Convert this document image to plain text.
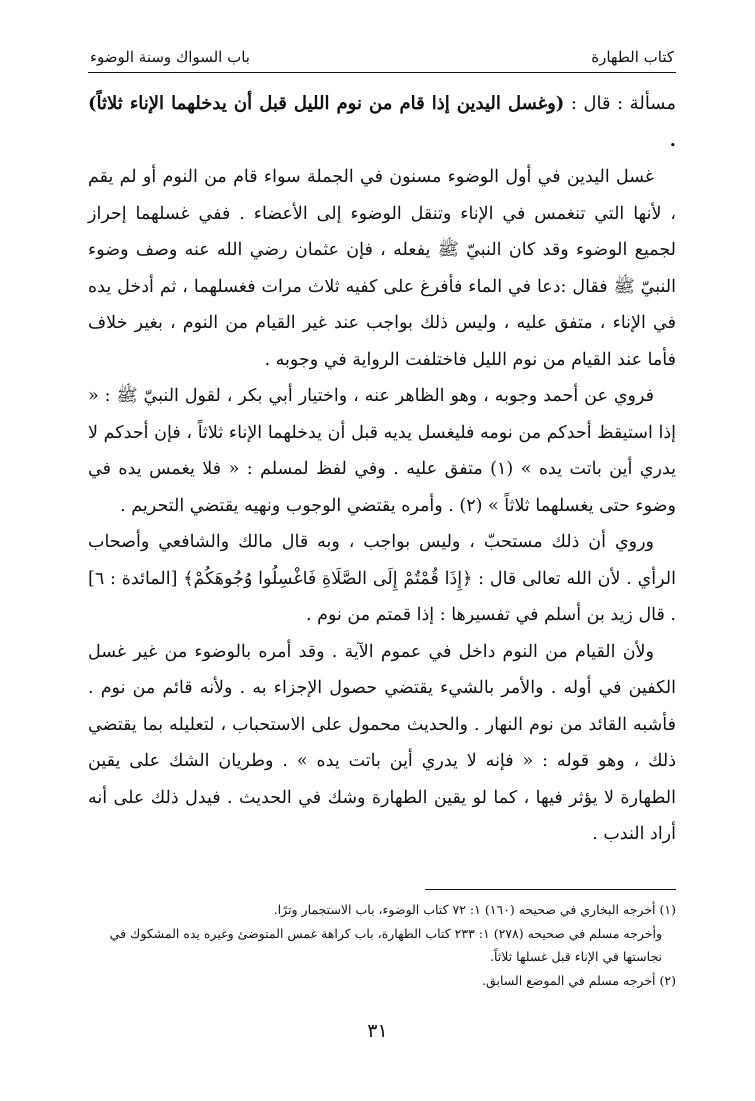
كتاب الطهارة
باب السواك وسنة الوضوء

مسألة : قال : (وغسل اليدين إذا قام من نوم الليل قبل أن يدخلهما الإناء ثلاثاً) .

غسل اليدين في أول الوضوء مسنون في الجملة سواء قام من النوم أو لم يقم ، لأنها التي تنغمس في الإناء وتنقل الوضوء إلى الأعضاء . ففي غسلهما إحراز لجميع الوضوء وقد كان النبيّ ﷺ يفعله ، فإن عثمان رضي الله عنه وصف وضوء النبيّ ﷺ فقال :دعا في الماء فأفرغ على كفيه ثلاث مرات فغسلهما ، ثم أدخل يده في الإناء ، متفق عليه ، وليس ذلك بواجب عند غير القيام من النوم ، بغير خلاف فأما عند القيام من نوم الليل فاختلفت الرواية في وجوبه .

فروي عن أحمد وجوبه ، وهو الظاهر عنه ، واختيار أبي بكر ، لقول النبيّ ﷺ : « إذا استيقظ أحدكم من نومه فليغسل يديه قبل أن يدخلهما الإناء ثلاثاً ، فإن أحدكم لا يدري أين باتت يده » (١) متفق عليه . وفي لفظ لمسلم : « فلا يغمس يده في وضوء حتى يغسلهما ثلاثاً » (٢) . وأمره يقتضي الوجوب ونهيه يقتضي التحريم .

وروي أن ذلك مستحبّ ، وليس بواجب ، وبه قال مالك والشافعي وأصحاب الرأي . لأن الله تعالى قال : ﴿إِذَا قُمْتُمْ إِلَى الصَّلَاةِ فَاغْسِلُوا وُجُوهَكُمْ﴾ [المائدة : ٦] . قال زيد بن أسلم في تفسيرها : إذا قمتم من نوم .

ولأن القيام من النوم داخل في عموم الآية . وقد أمره بالوضوء من غير غسل الكفين في أوله . والأمر بالشيء يقتضي حصول الإجزاء به . ولأنه قائم من نوم . فأشبه القائد من نوم النهار . والحديث محمول على الاستحباب ، لتعليله بما يقتضي ذلك ، وهو قوله : « فإنه لا يدري أين باتت يده » . وطريان الشك على يقين الطهارة لا يؤثر فيها ، كما لو يقين الطهارة وشك في الحديث . فيدل ذلك على أنه أراد الندب .

(١) أخرجه البخاري في صحيحه (١٦٠) ١: ٧٢ كتاب الوضوء، باب الاستجمار وترًا.

وأخرجه مسلم في صحيحه (٢٧٨) ١: ٢٣٣ كتاب الطهارة، باب كراهة غمس المتوضئ وغيره يده المشكوك في نجاستها في الإناء قبل غسلها ثلاثاً.

(٢) أخرجه مسلم في الموضع السابق.

٣١
